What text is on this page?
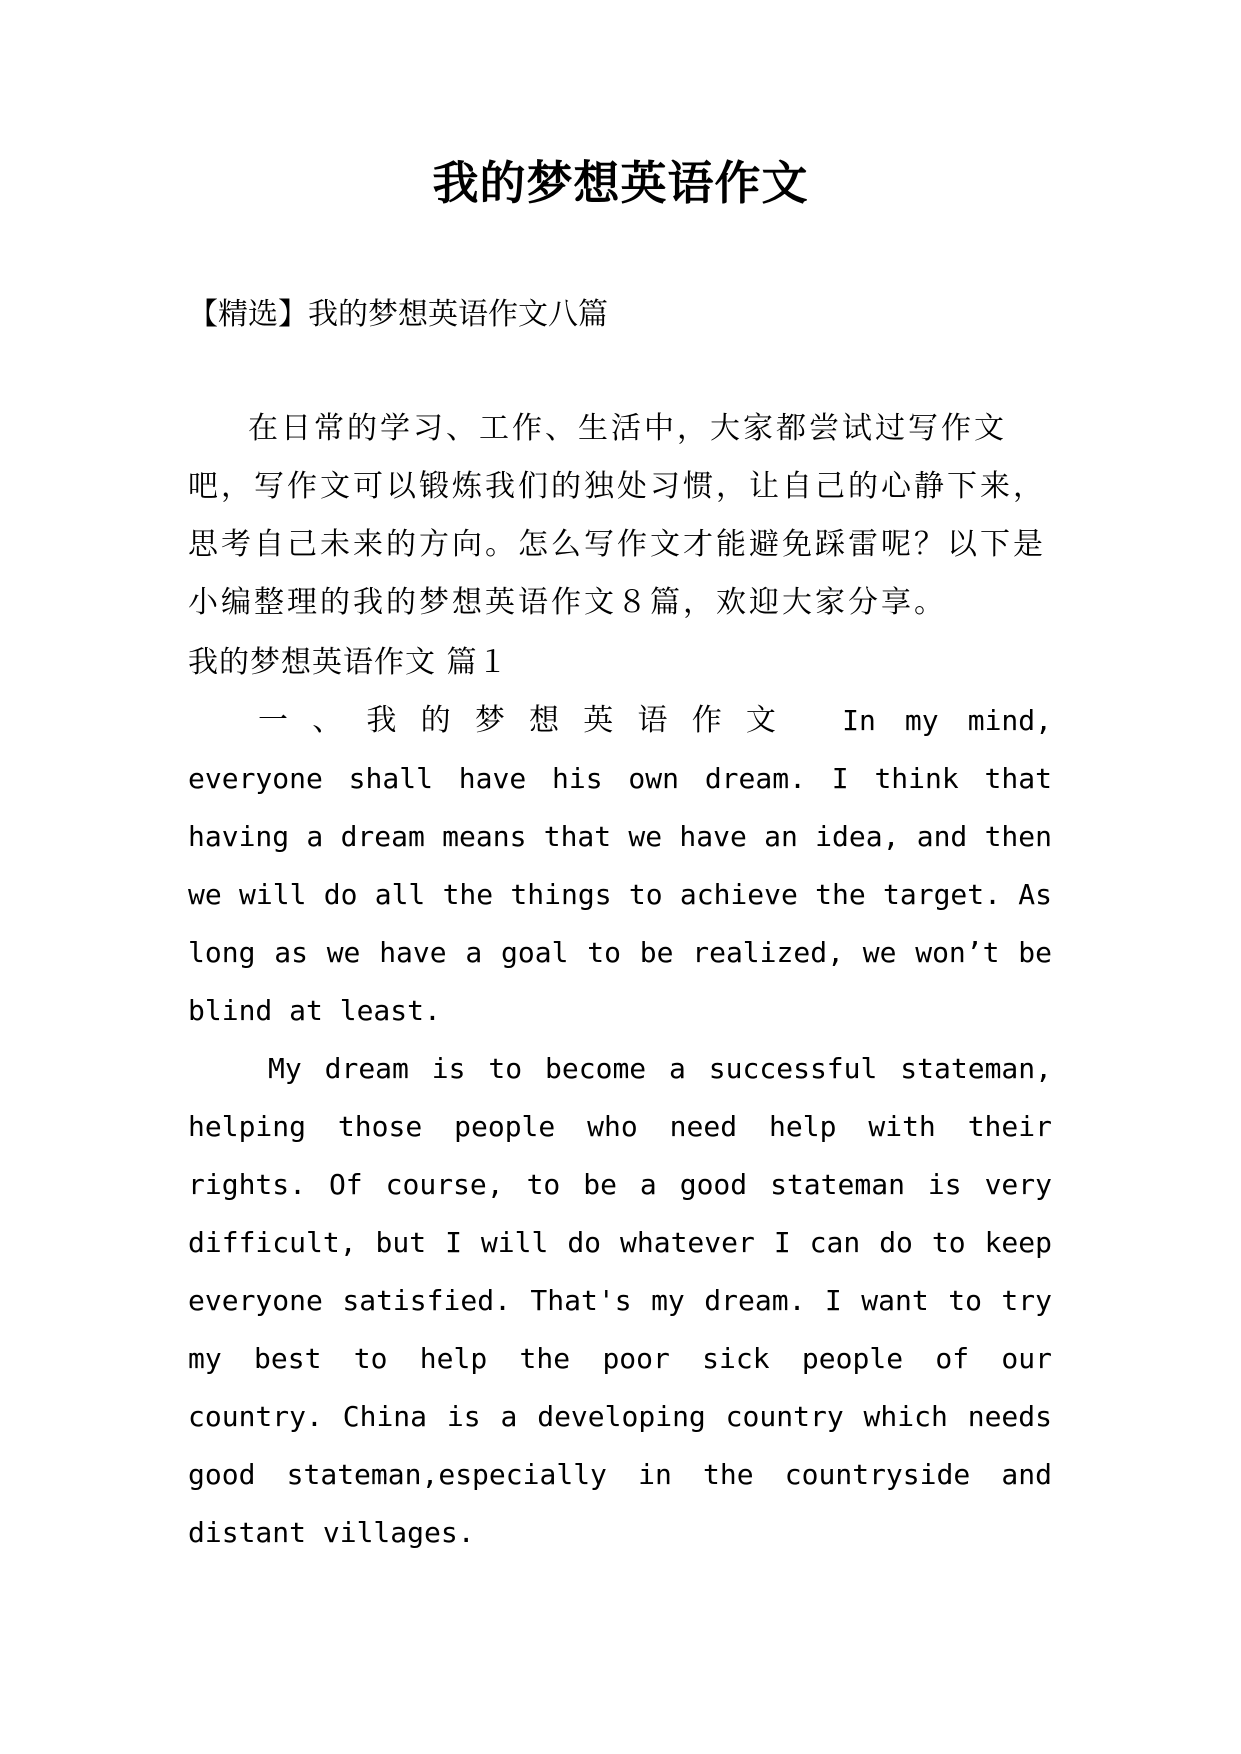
我的梦想英语作文
【精选】我的梦想英语作文八篇
在日常的学习、工作、生活中，大家都尝试过写作文吧，写作文可以锻炼我们的独处习惯，让自己的心静下来，思考自己未来的方向。怎么写作文才能避免踩雷呢？以下是小编整理的我的梦想英语作文８篇，欢迎大家分享。
我的梦想英语作文 篇１
一、我的梦想英语作文 In my mind, everyone shall have his own dream. I think that having a dream means that we have an idea, and then we will do all the things to achieve the target. As long as we have a goal to be realized, we won’t be blind at least.
My dream is to become a successful stateman, helping those people who need help with their rights. Of course, to be a good stateman is very difficult, but I will do whatever I can do to keep everyone satisfied. That's my dream. I want to try my best to help the poor sick people of our country. China is a developing country which needs good stateman,especially in the countryside and distant villages.
